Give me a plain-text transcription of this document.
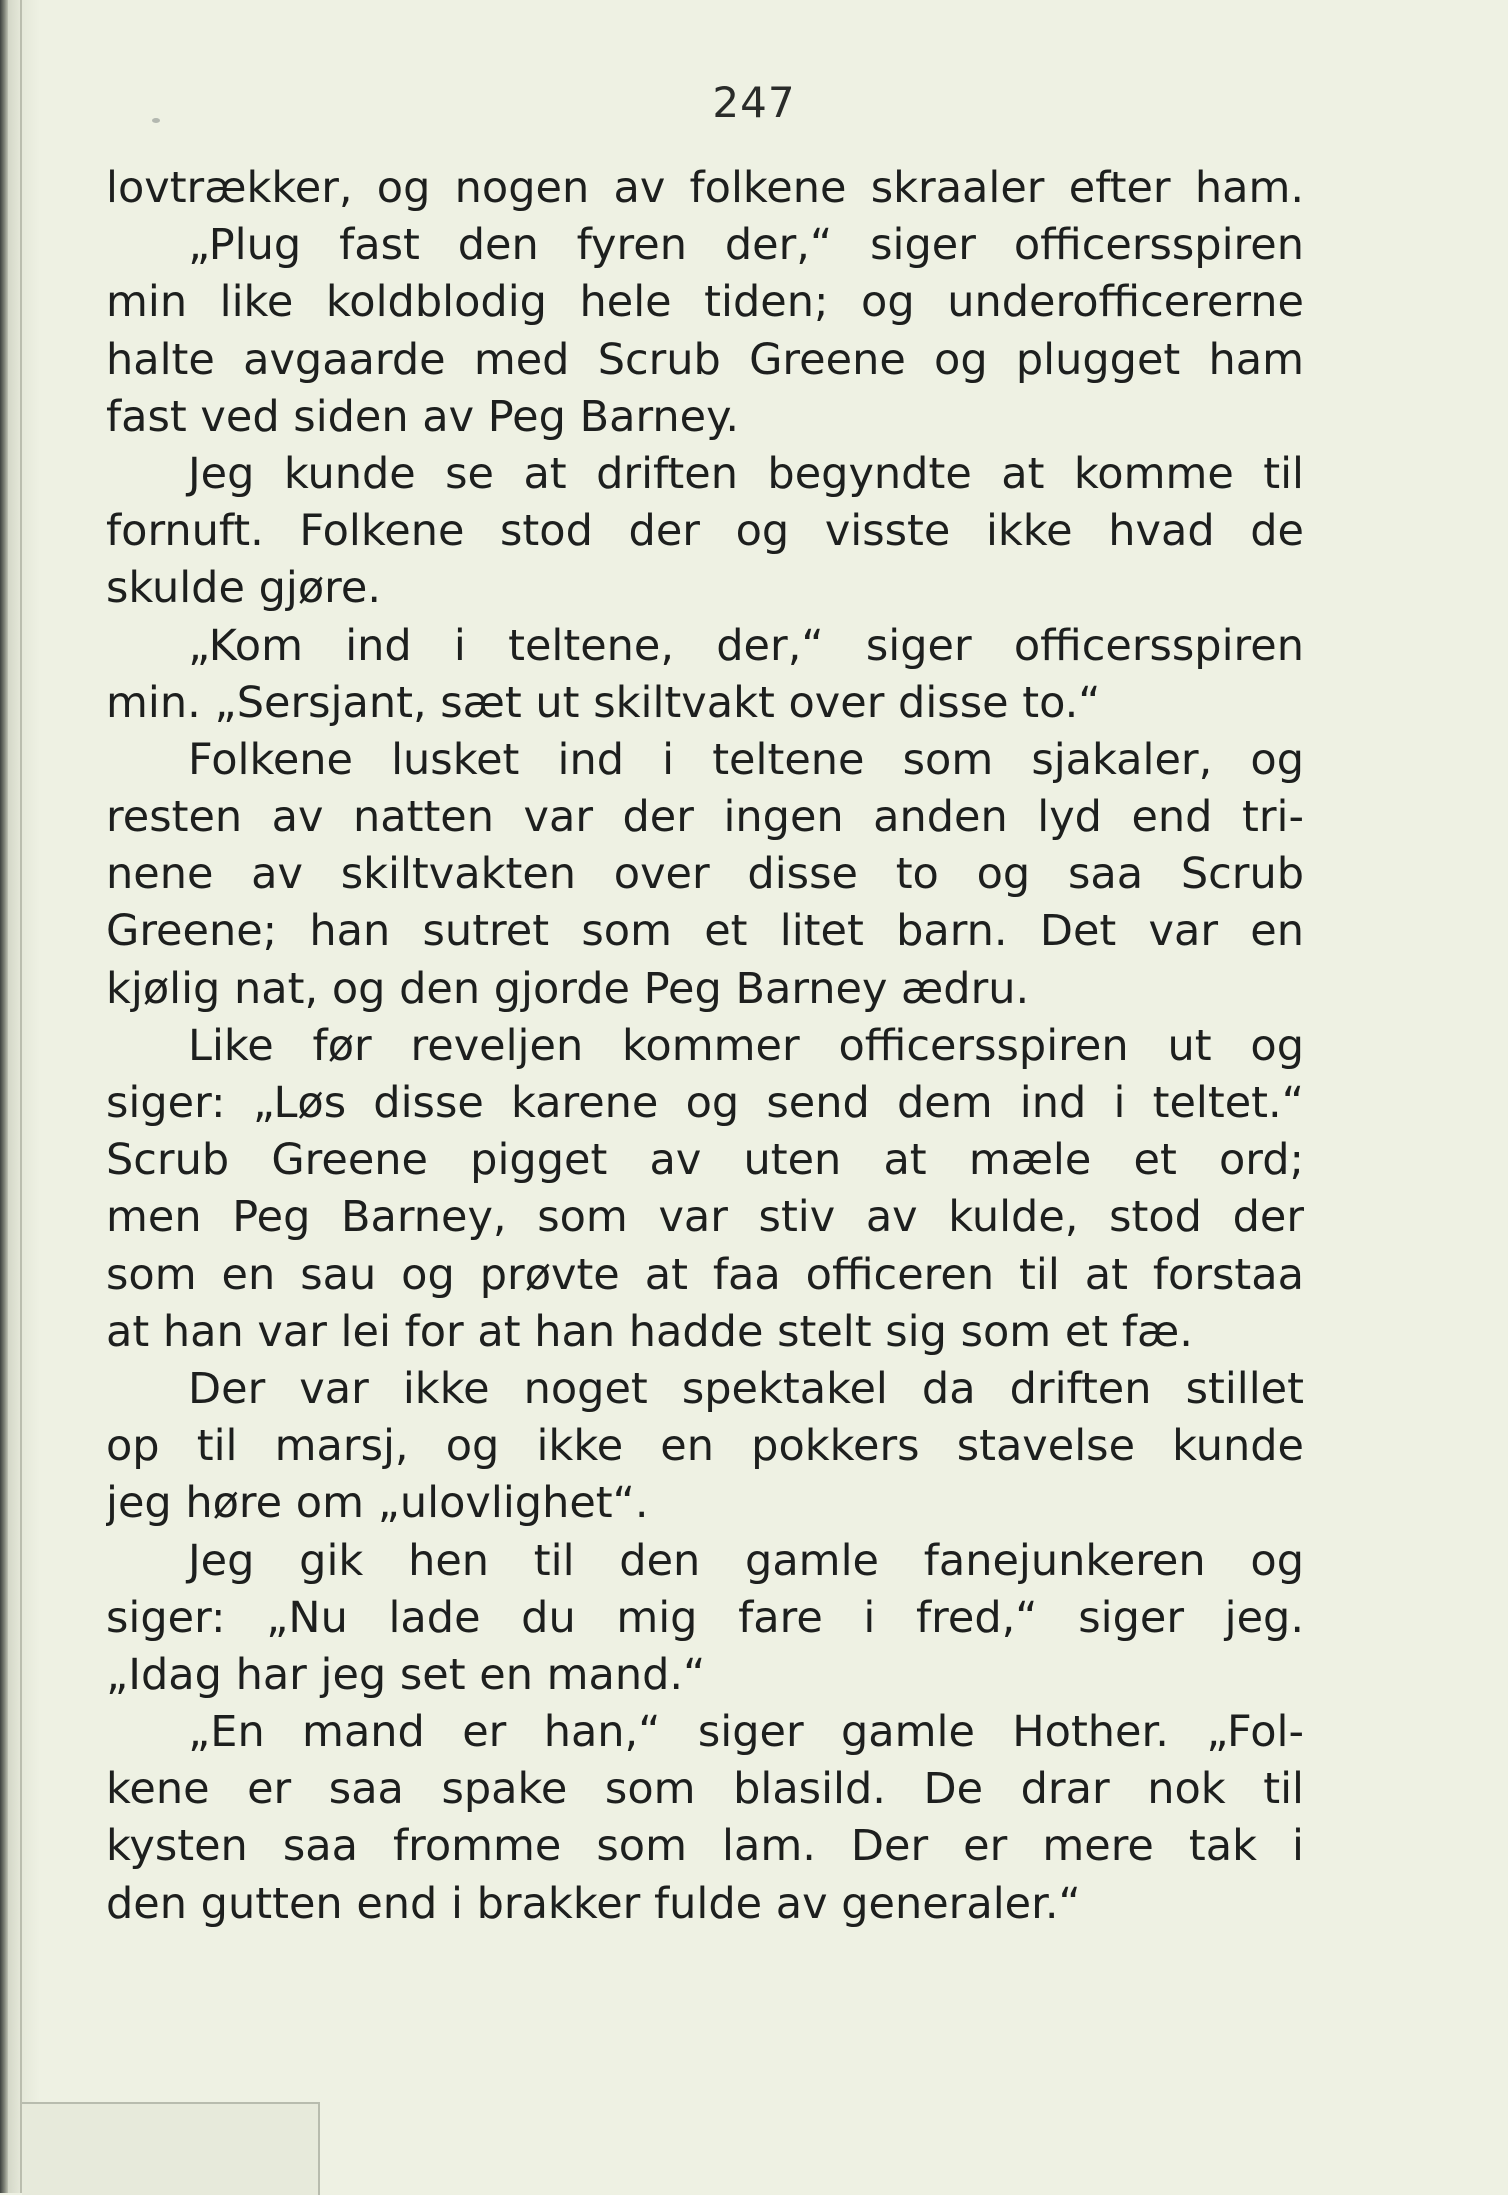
247
lovtrækker, og nogen av folkene skraaler efter ham.
„Plug fast den fyren der,“ siger officersspiren
min like koldblodig hele tiden; og underofficererne
halte avgaarde med Scrub Greene og plugget ham
fast ved siden av Peg Barney.
Jeg kunde se at driften begyndte at komme til
fornuft. Folkene stod der og visste ikke hvad de
skulde gjøre.
„Kom ind i teltene, der,“ siger officersspiren
min. „Sersjant, sæt ut skiltvakt over disse to.“
Folkene lusket ind i teltene som sjakaler, og
resten av natten var der ingen anden lyd end tri-
nene av skiltvakten over disse to og saa Scrub
Greene; han sutret som et litet barn. Det var en
kjølig nat, og den gjorde Peg Barney ædru.
Like før reveljen kommer officersspiren ut og
siger: „Løs disse karene og send dem ind i teltet.“
Scrub Greene pigget av uten at mæle et ord;
men Peg Barney, som var stiv av kulde, stod der
som en sau og prøvte at faa officeren til at forstaa
at han var lei for at han hadde stelt sig som et fæ.
Der var ikke noget spektakel da driften stillet
op til marsj, og ikke en pokkers stavelse kunde
jeg høre om „ulovlighet“.
Jeg gik hen til den gamle fanejunkeren og
siger: „Nu lade du mig fare i fred,“ siger jeg.
„Idag har jeg set en mand.“
„En mand er han,“ siger gamle Hother. „Fol-
kene er saa spake som blasild. De drar nok til
kysten saa fromme som lam. Der er mere tak i
den gutten end i brakker fulde av generaler.“
